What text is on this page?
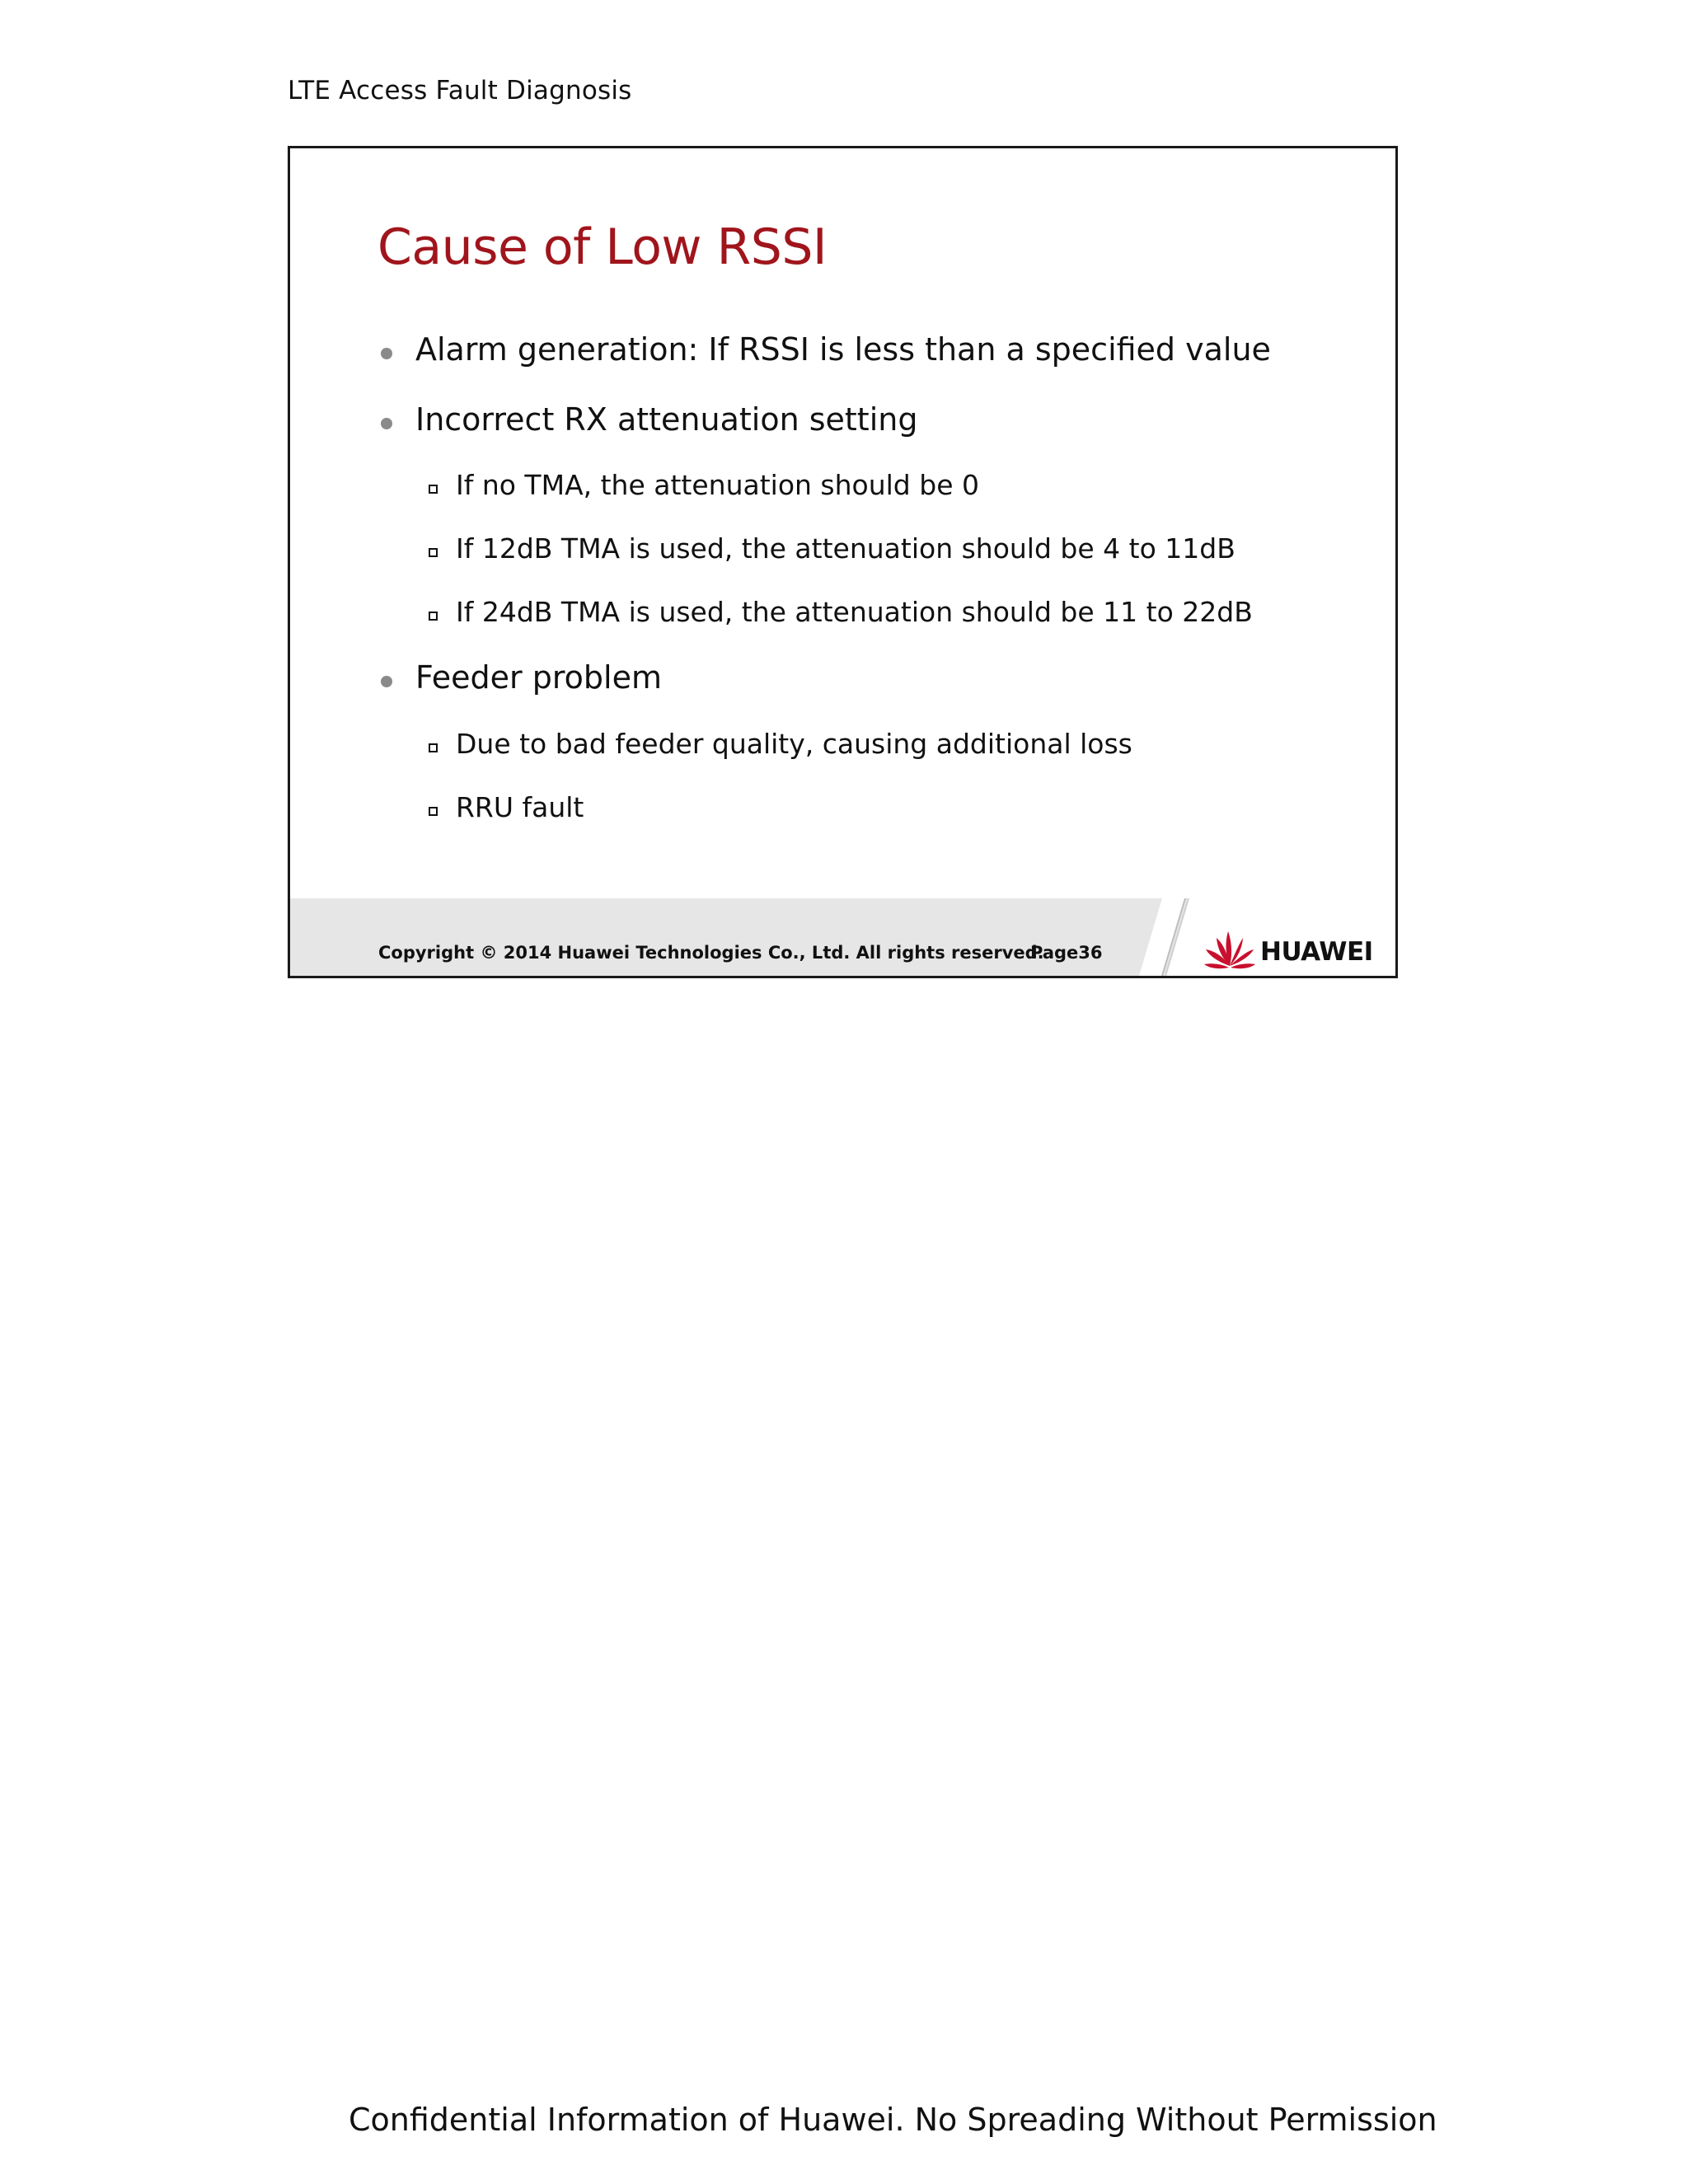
LTE Access Fault Diagnosis
Cause of Low RSSI
Alarm generation: If RSSI is less than a specified value
Incorrect RX attenuation setting
If no TMA, the attenuation should be 0
If 12dB TMA is used, the attenuation should be 4 to 11dB
If 24dB TMA is used, the attenuation should be 11 to 22dB
Feeder problem
Due to bad feeder quality, causing additional loss
RRU fault
Copyright © 2014 Huawei Technologies Co., Ltd. All rights reserved.
Page36	HUAWEI
Confidential Information of Huawei. No Spreading Without Permission
